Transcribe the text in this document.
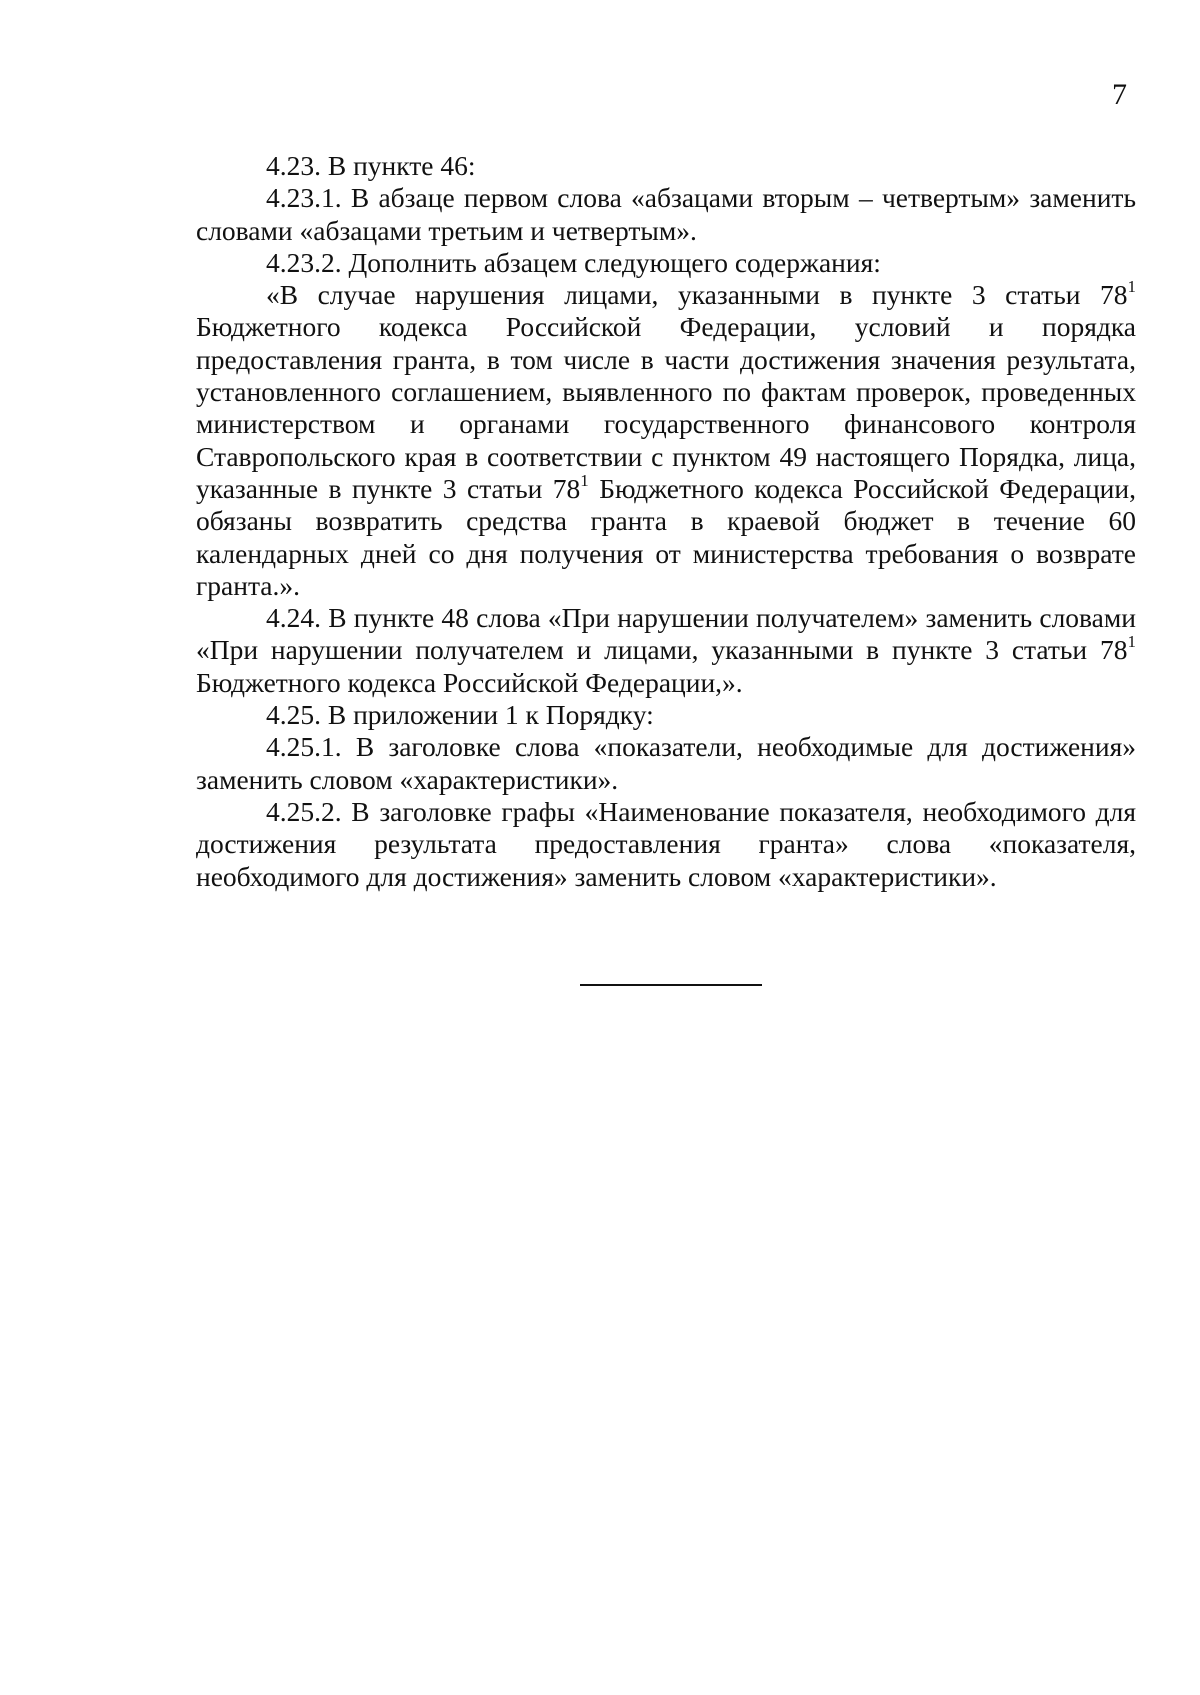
7

4.23. В пункте 46:

4.23.1. В абзаце первом слова «абзацами вторым – четвертым» заменить словами «абзацами третьим и четвертым».

4.23.2. Дополнить абзацем следующего содержания:

«В случае нарушения лицами, указанными в пункте 3 статьи $78^1$ Бюджетного кодекса Российской Федерации, условий и порядка предоставления гранта, в том числе в части достижения значения результата, установленного соглашением, выявленного по фактам проверок, проведенных министерством и органами государственного финансового контроля Ставропольского края в соответствии с пунктом 49 настоящего Порядка, лица, указанные в пункте 3 статьи $78^1$ Бюджетного кодекса Российской Федерации, обязаны возвратить средства гранта в краевой бюджет в течение 60 календарных дней со дня получения от министерства требования о возврате гранта.».

4.24. В пункте 48 слова «При нарушении получателем» заменить словами «При нарушении получателем и лицами, указанными в пункте 3 статьи $78^1$ Бюджетного кодекса Российской Федерации,».

4.25. В приложении 1 к Порядку:

4.25.1. В заголовке слова «показатели, необходимые для достижения» заменить словом «характеристики».

4.25.2. В заголовке графы «Наименование показателя, необходимого для достижения результата предоставления гранта» слова «показателя, необходимого для достижения» заменить словом «характеристики».
